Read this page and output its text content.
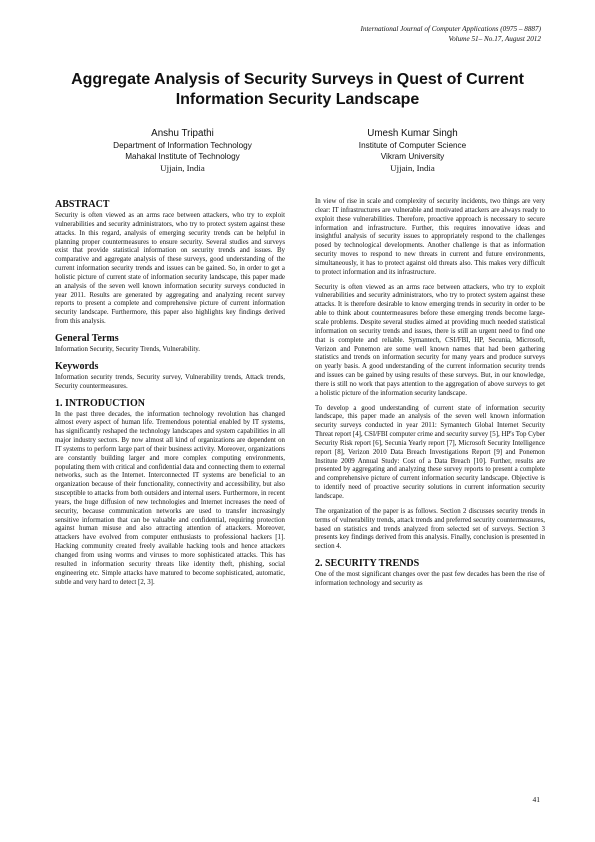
International Journal of Computer Applications (0975 – 8887)
Volume 51– No.17, August 2012
Aggregate Analysis of Security Surveys in Quest of Current Information Security Landscape
Anshu Tripathi
Department of Information Technology
Mahakal Institute of Technology
Ujjain, India
Umesh Kumar Singh
Institute of Computer Science
Vikram University
Ujjain, India
ABSTRACT

Security is often viewed as an arms race between attackers, who try to exploit vulnerabilities and security administrators, who try to protect system against these attacks. In this regard, analysis of emerging security trends can be helpful in planning proper countermeasures to ensure security. Several studies and surveys exist that provide statistical information on security trends and issues. By comparative and aggregate analysis of these surveys, good understanding of the current information security trends and issues can be gained. So, in order to get a holistic picture of current state of information security landscape, this paper made an analysis of the seven well known information security surveys conducted in year 2011. Results are generated by aggregating and analyzing recent survey reports to present a complete and comprehensive picture of current information security landscape. Furthermore, this paper also highlights key findings derived from this analysis.

General Terms

Information Security, Security Trends, Vulnerability.

Keywords

Information security trends, Security survey, Vulnerability trends, Attack trends, Security countermeasures.

1. INTRODUCTION

In the past three decades, the information technology revolution has changed almost every aspect of human life. Tremendous potential enabled by IT systems, has significantly reshaped the technology landscapes and system capabilities in all major industry sectors. By now almost all kind of organizations are dependent on IT systems to perform large part of their business activity. Moreover, organizations are constantly building larger and more complex computing environments, populating them with critical and confidential data and connecting them to external networks, such as the Internet. Interconnected IT systems are beneficial to an organization because of their functionality, connectivity and accessibility, but also susceptible to attacks from both outsiders and internal users. Furthermore, in recent years, the huge diffusion of new technologies and Internet increases the need of security, because communication networks are used to transfer increasingly sensitive information that can be valuable and confidential, requiring protection against human misuse and also attracting attention of attackers. Moreover, attackers have evolved from computer enthusiasts to professional hackers [1]. Hacking community created freely available hacking tools and hence attackers changed from using worms and viruses to more sophisticated attacks. This has resulted in information security threats like identity theft, phishing, social engineering etc. Simple attacks have matured to become sophisticated, automatic, subtle and very hard to detect [2, 3].

In view of rise in scale and complexity of security incidents, two things are very clear: IT infrastructures are vulnerable and motivated attackers are always ready to exploit these vulnerabilities. Therefore, proactive approach is necessary to secure information and infrastructure. Further, this requires innovative ideas and insightful analysis of security issues to appropriately respond to the challenges posed by technological developments. Another challenge is that as information security moves to respond to new threats in current and future environments, simultaneously, it has to protect against old threats also. This makes very difficult to protect information and its infrastructure.

Security is often viewed as an arms race between attackers, who try to exploit vulnerabilities and security administrators, who try to protect system against these attacks. It is therefore desirable to know emerging trends in security in order to be able to think about countermeasures before these emerging trends become large-scale problems. Despite several studies aimed at providing much needed statistical information on security trends and issues, there is still an urgent need to find one that is complete and reliable. Symantech, CSI/FBI, HP, Secunia, Microsoft, Verizon and Ponemon are some well known names that had been gathering statistics and trends on information security for many years and produce surveys on yearly basis. A good understanding of the current information security trends and issues can be gained by using results of these surveys. But, in our knowledge, there is still no work that pays attention to the aggregation of above surveys to get a holistic picture of the information security landscape.

To develop a good understanding of current state of information security landscape, this paper made an analysis of the seven well known information security surveys conducted in year 2011: Symantech Global Internet Security Threat report [4], CSI/FBI computer crime and security survey [5], HP's Top Cyber Security Risk report [6], Secunia Yearly report [7], Microsoft Security Intelligence report [8], Verizon 2010 Data Breach Investigations Report [9] and Ponemon Institute 2009 Annual Study: Cost of a Data Breach [10]. Further, results are presented by aggregating and analyzing these survey reports to present a complete and comprehensive picture of current information security landscape. Objective is to identify need of proactive security solutions in current information security landscape.

The organization of the paper is as follows. Section 2 discusses security trends in terms of vulnerability trends, attack trends and preferred security countermeasures, based on statistics and trends analyzed from selected set of surveys. Section 3 presents key findings derived from this analysis. Finally, conclusion is presented in section 4.

2. SECURITY TRENDS

One of the most significant changes over the past few decades has been the rise of information technology and security as

41
